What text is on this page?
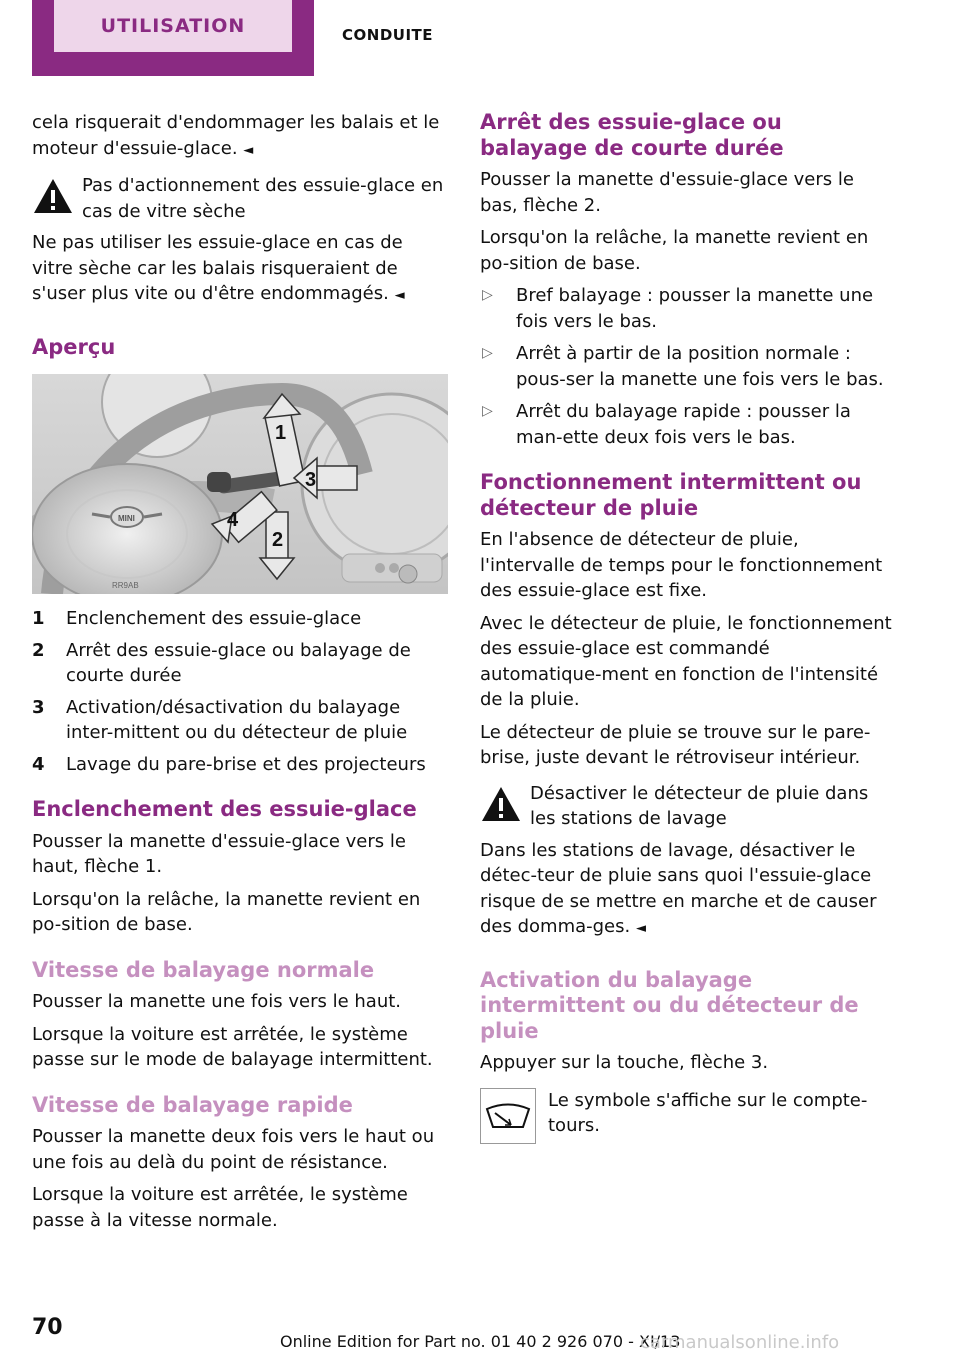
UTILISATION	CONDUITE

cela risquerait d'endommager les balais et le moteur d'essuie-glace. ◄

Pas d'actionnement des essuie-glace en cas de vitre sèche

Ne pas utiliser les essuie-glace en cas de vitre sèche car les balais risqueraient de s'user plus vite ou d'être endommagés. ◄

Aperçu
MINI
1
2
3
4
RR9AB
1	Enclenchement des essuie-glace
2	Arrêt des essuie-glace ou balayage de courte durée
3	Activation/désactivation du balayage inter-mittent ou du détecteur de pluie
4	Lavage du pare-brise et des projecteurs
Enclenchement des essuie-glace

Pousser la manette d'essuie-glace vers le haut, flèche 1.

Lorsqu'on la relâche, la manette revient en po-sition de base.

Vitesse de balayage normale

Pousser la manette une fois vers le haut.

Lorsque la voiture est arrêtée, le système passe sur le mode de balayage intermittent.

Vitesse de balayage rapide

Pousser la manette deux fois vers le haut ou une fois au delà du point de résistance.

Lorsque la voiture est arrêtée, le système passe à la vitesse normale.

Arrêt des essuie-glace ou balayage de courte durée

Pousser la manette d'essuie-glace vers le bas, flèche 2.

Lorsqu'on la relâche, la manette revient en po-sition de base.

▷	Bref balayage : pousser la manette une fois vers le bas.
▷	Arrêt à partir de la position normale : pous-ser la manette une fois vers le bas.
▷	Arrêt du balayage rapide : pousser la man-ette deux fois vers le bas.
Fonctionnement intermittent ou détecteur de pluie

En l'absence de détecteur de pluie, l'intervalle de temps pour le fonctionnement des essuie-glace est fixe.

Avec le détecteur de pluie, le fonctionnement des essuie-glace est commandé automatique-ment en fonction de l'intensité de la pluie.

Le détecteur de pluie se trouve sur le pare-brise, juste devant le rétroviseur intérieur.

Désactiver le détecteur de pluie dans les stations de lavage

Dans les stations de lavage, désactiver le détec-teur de pluie sans quoi l'essuie-glace risque de se mettre en marche et de causer des domma-ges. ◄

Activation du balayage intermittent ou du détecteur de pluie

Appuyer sur la touche, flèche 3.

Le symbole s'affiche sur le compte-tours.

70
Online Edition for Part no. 01 40 2 926 070 - XI/13
carmanualsonline.info
